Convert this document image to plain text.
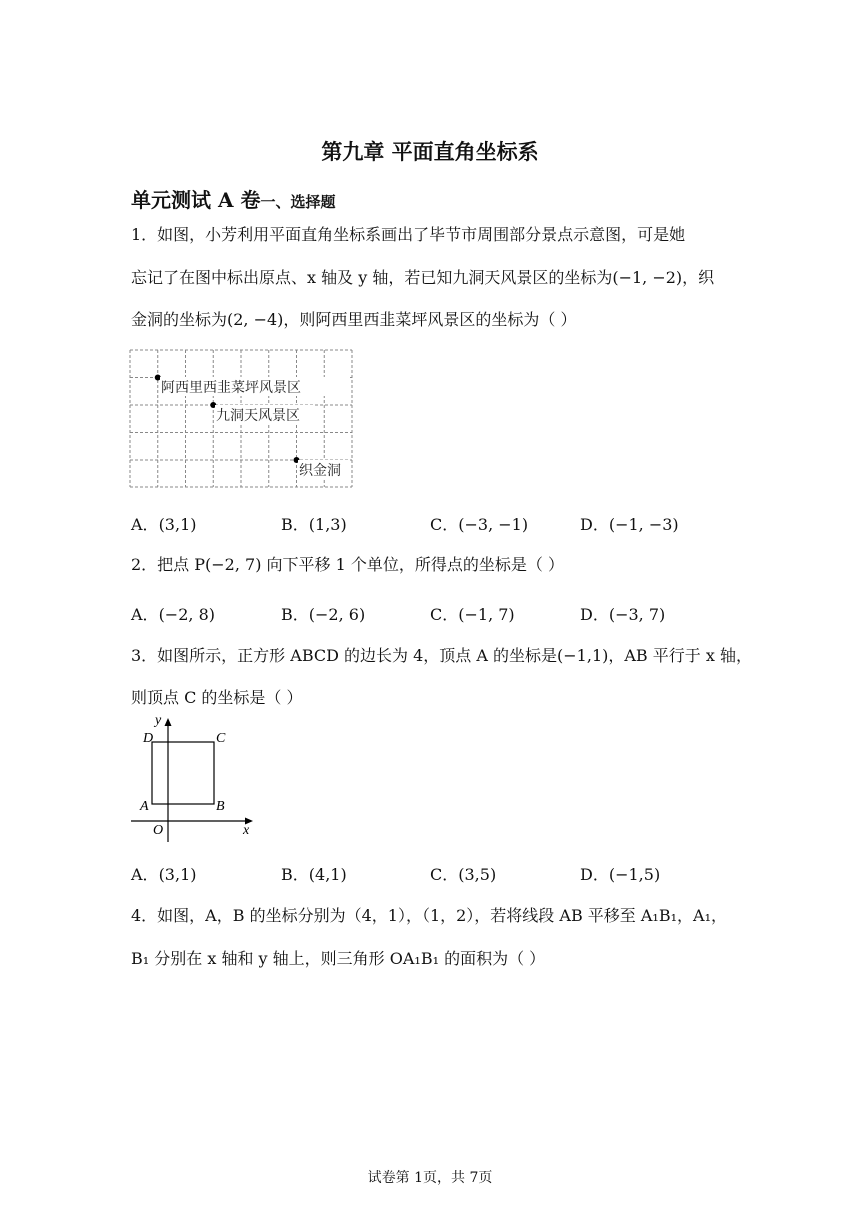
第九章 平面直角坐标系
单元测试 A 卷一、选择题
1．如图，小芳利用平面直角坐标系画出了毕节市周围部分景点示意图，可是她
忘记了在图中标出原点、x 轴及 y 轴，若已知九洞天风景区的坐标为(−1, −2)，织
金洞的坐标为(2, −4)，则阿西里西韭菜坪风景区的坐标为（ ）
阿西里西韭菜坪风景区
九洞天风景区
织金洞
A．(3,1)	B．(1,3)	C．(−3, −1)	D．(−1, −3)
2．把点 P(−2, 7) 向下平移 1 个单位，所得点的坐标是（ ）
A．(−2, 8)	B．(−2, 6)	C．(−1, 7)	D．(−3, 7)
3．如图所示，正方形 ABCD 的边长为 4，顶点 A 的坐标是(−1,1)，AB 平行于 x 轴，
则顶点 C 的坐标是（ ）
y
D	C
A	B
O	x
A．(3,1)	B．(4,1)	C．(3,5)	D．(−1,5)
4．如图，A，B 的坐标分别为（4，1），（1，2），若将线段 AB 平移至 A₁B₁，A₁，
B₁ 分别在 x 轴和 y 轴上，则三角形 OA₁B₁ 的面积为（ ）
试卷第 1页，共 7页
